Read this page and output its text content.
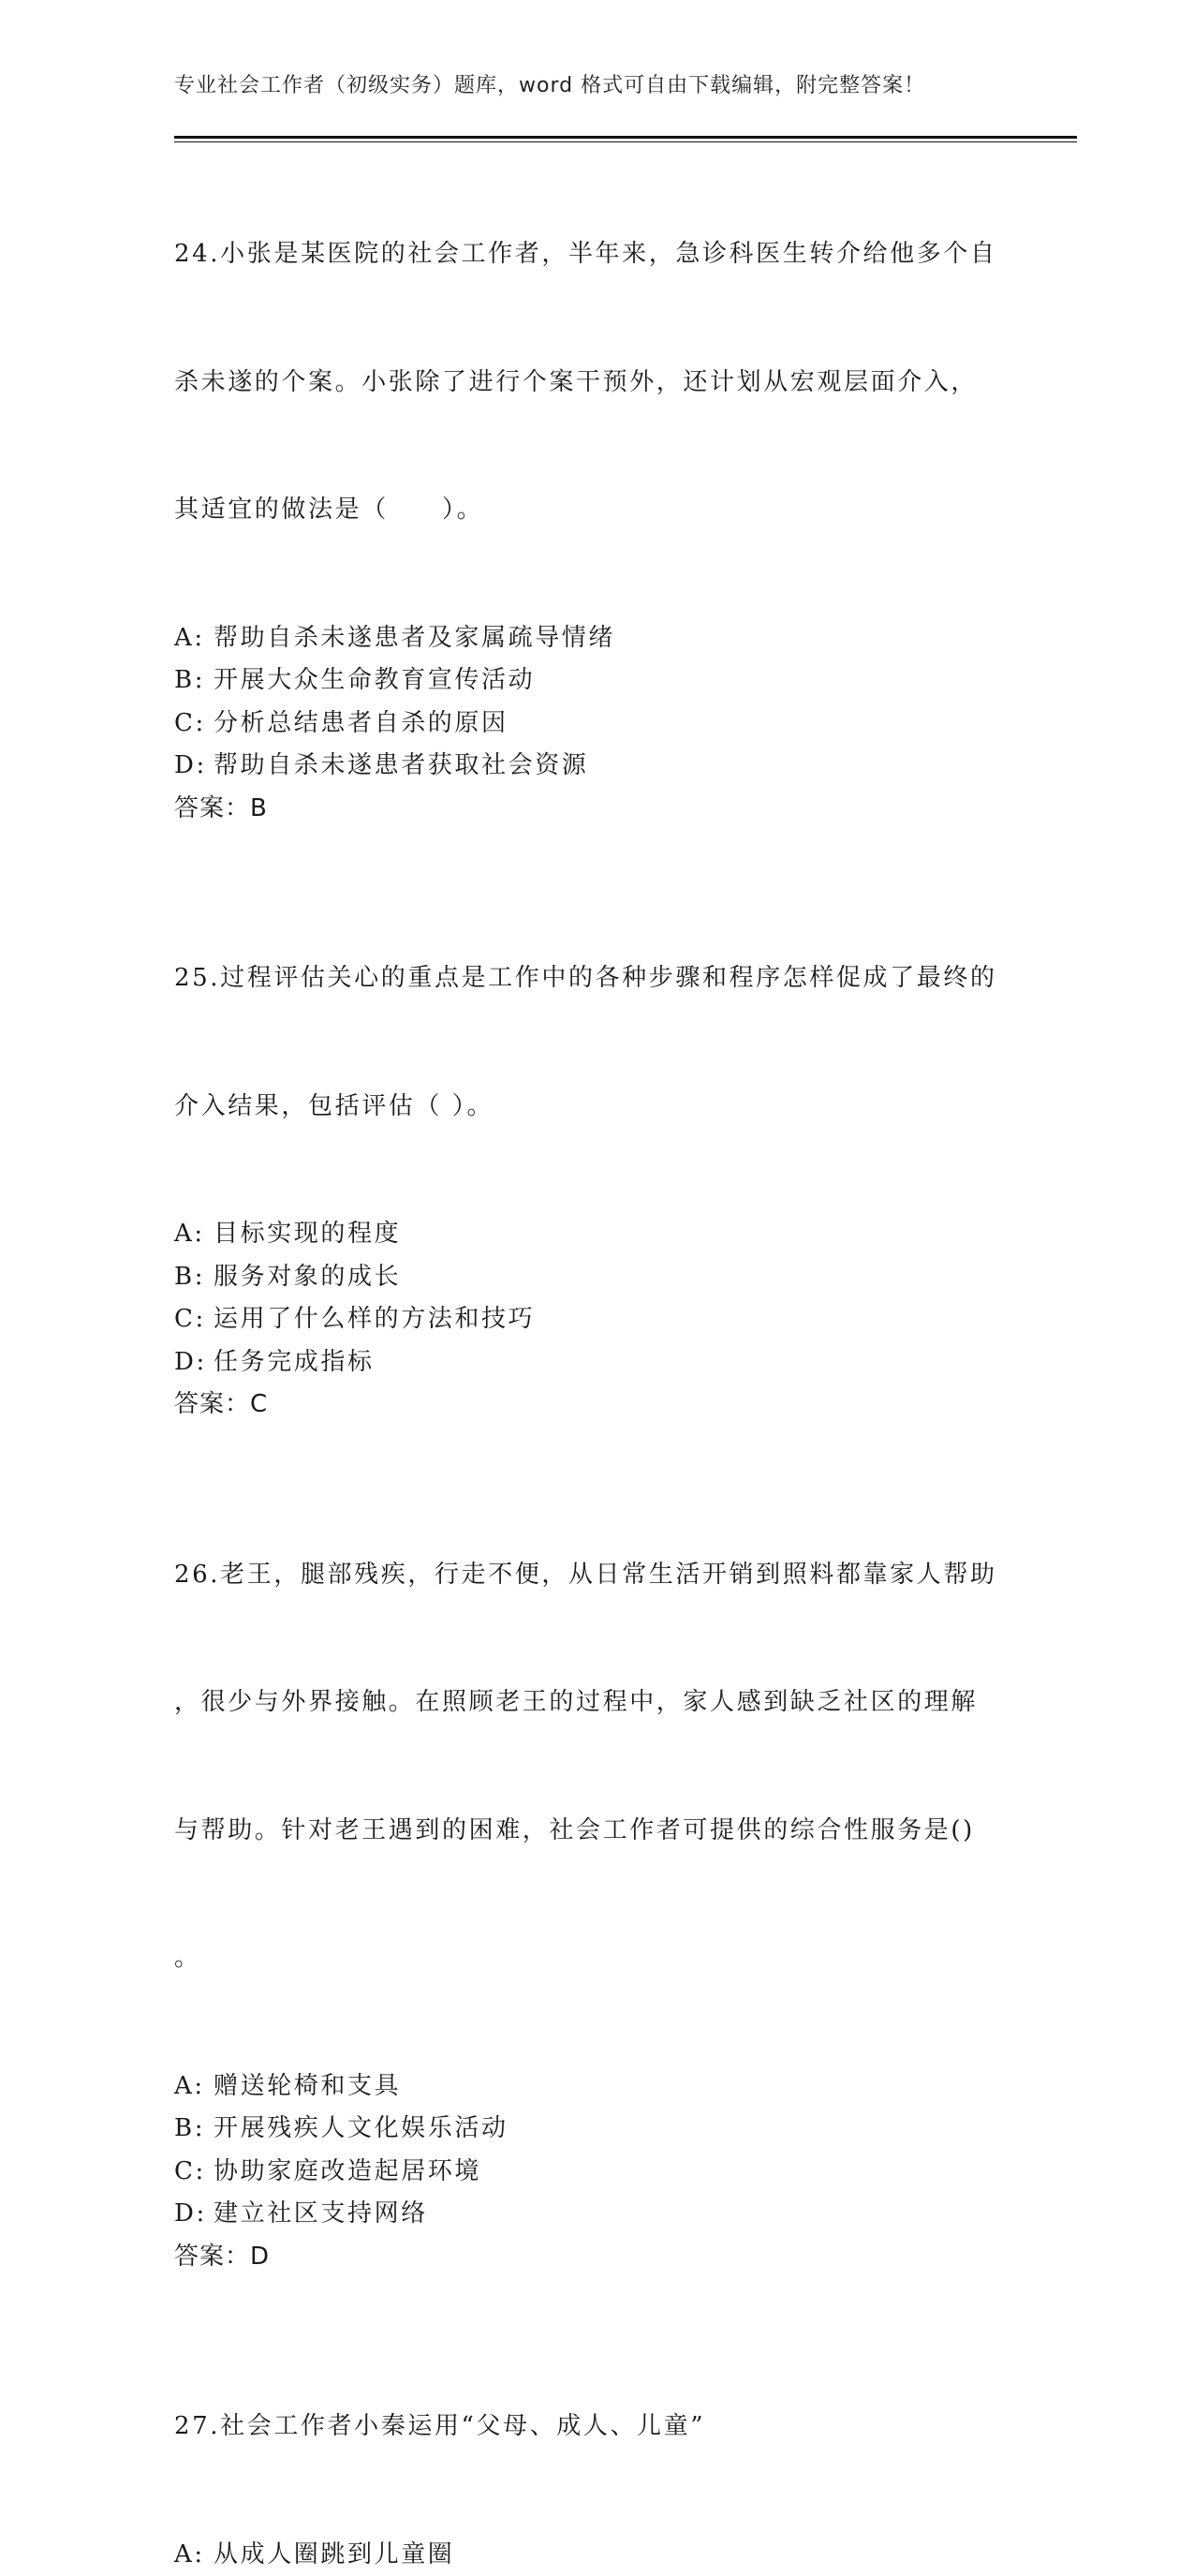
专业社会工作者（初级实务）题库，word 格式可自由下载编辑，附完整答案！

24.小张是某医院的社会工作者，半年来，急诊科医生转介给他多个自

杀未遂的个案。小张除了进行个案干预外，还计划从宏观层面介入，

其适宜的做法是（　　）。

A: 帮助自杀未遂患者及家属疏导情绪
B: 开展大众生命教育宣传活动
C: 分析总结患者自杀的原因
D: 帮助自杀未遂患者获取社会资源
答案：B

25.过程评估关心的重点是工作中的各种步骤和程序怎样促成了最终的

介入结果，包括评估（ ）。

A: 目标实现的程度
B: 服务对象的成长
C: 运用了什么样的方法和技巧
D: 任务完成指标
答案：C

26.老王，腿部残疾，行走不便，从日常生活开销到照料都靠家人帮助

，很少与外界接触。在照顾老王的过程中，家人感到缺乏社区的理解

与帮助。针对老王遇到的困难，社会工作者可提供的综合性服务是()

。

A: 赠送轮椅和支具
B: 开展残疾人文化娱乐活动
C: 协助家庭改造起居环境
D: 建立社区支持网络
答案：D

27.社会工作者小秦运用“父母、成人、儿童”

A: 从成人圈跳到儿童圈
